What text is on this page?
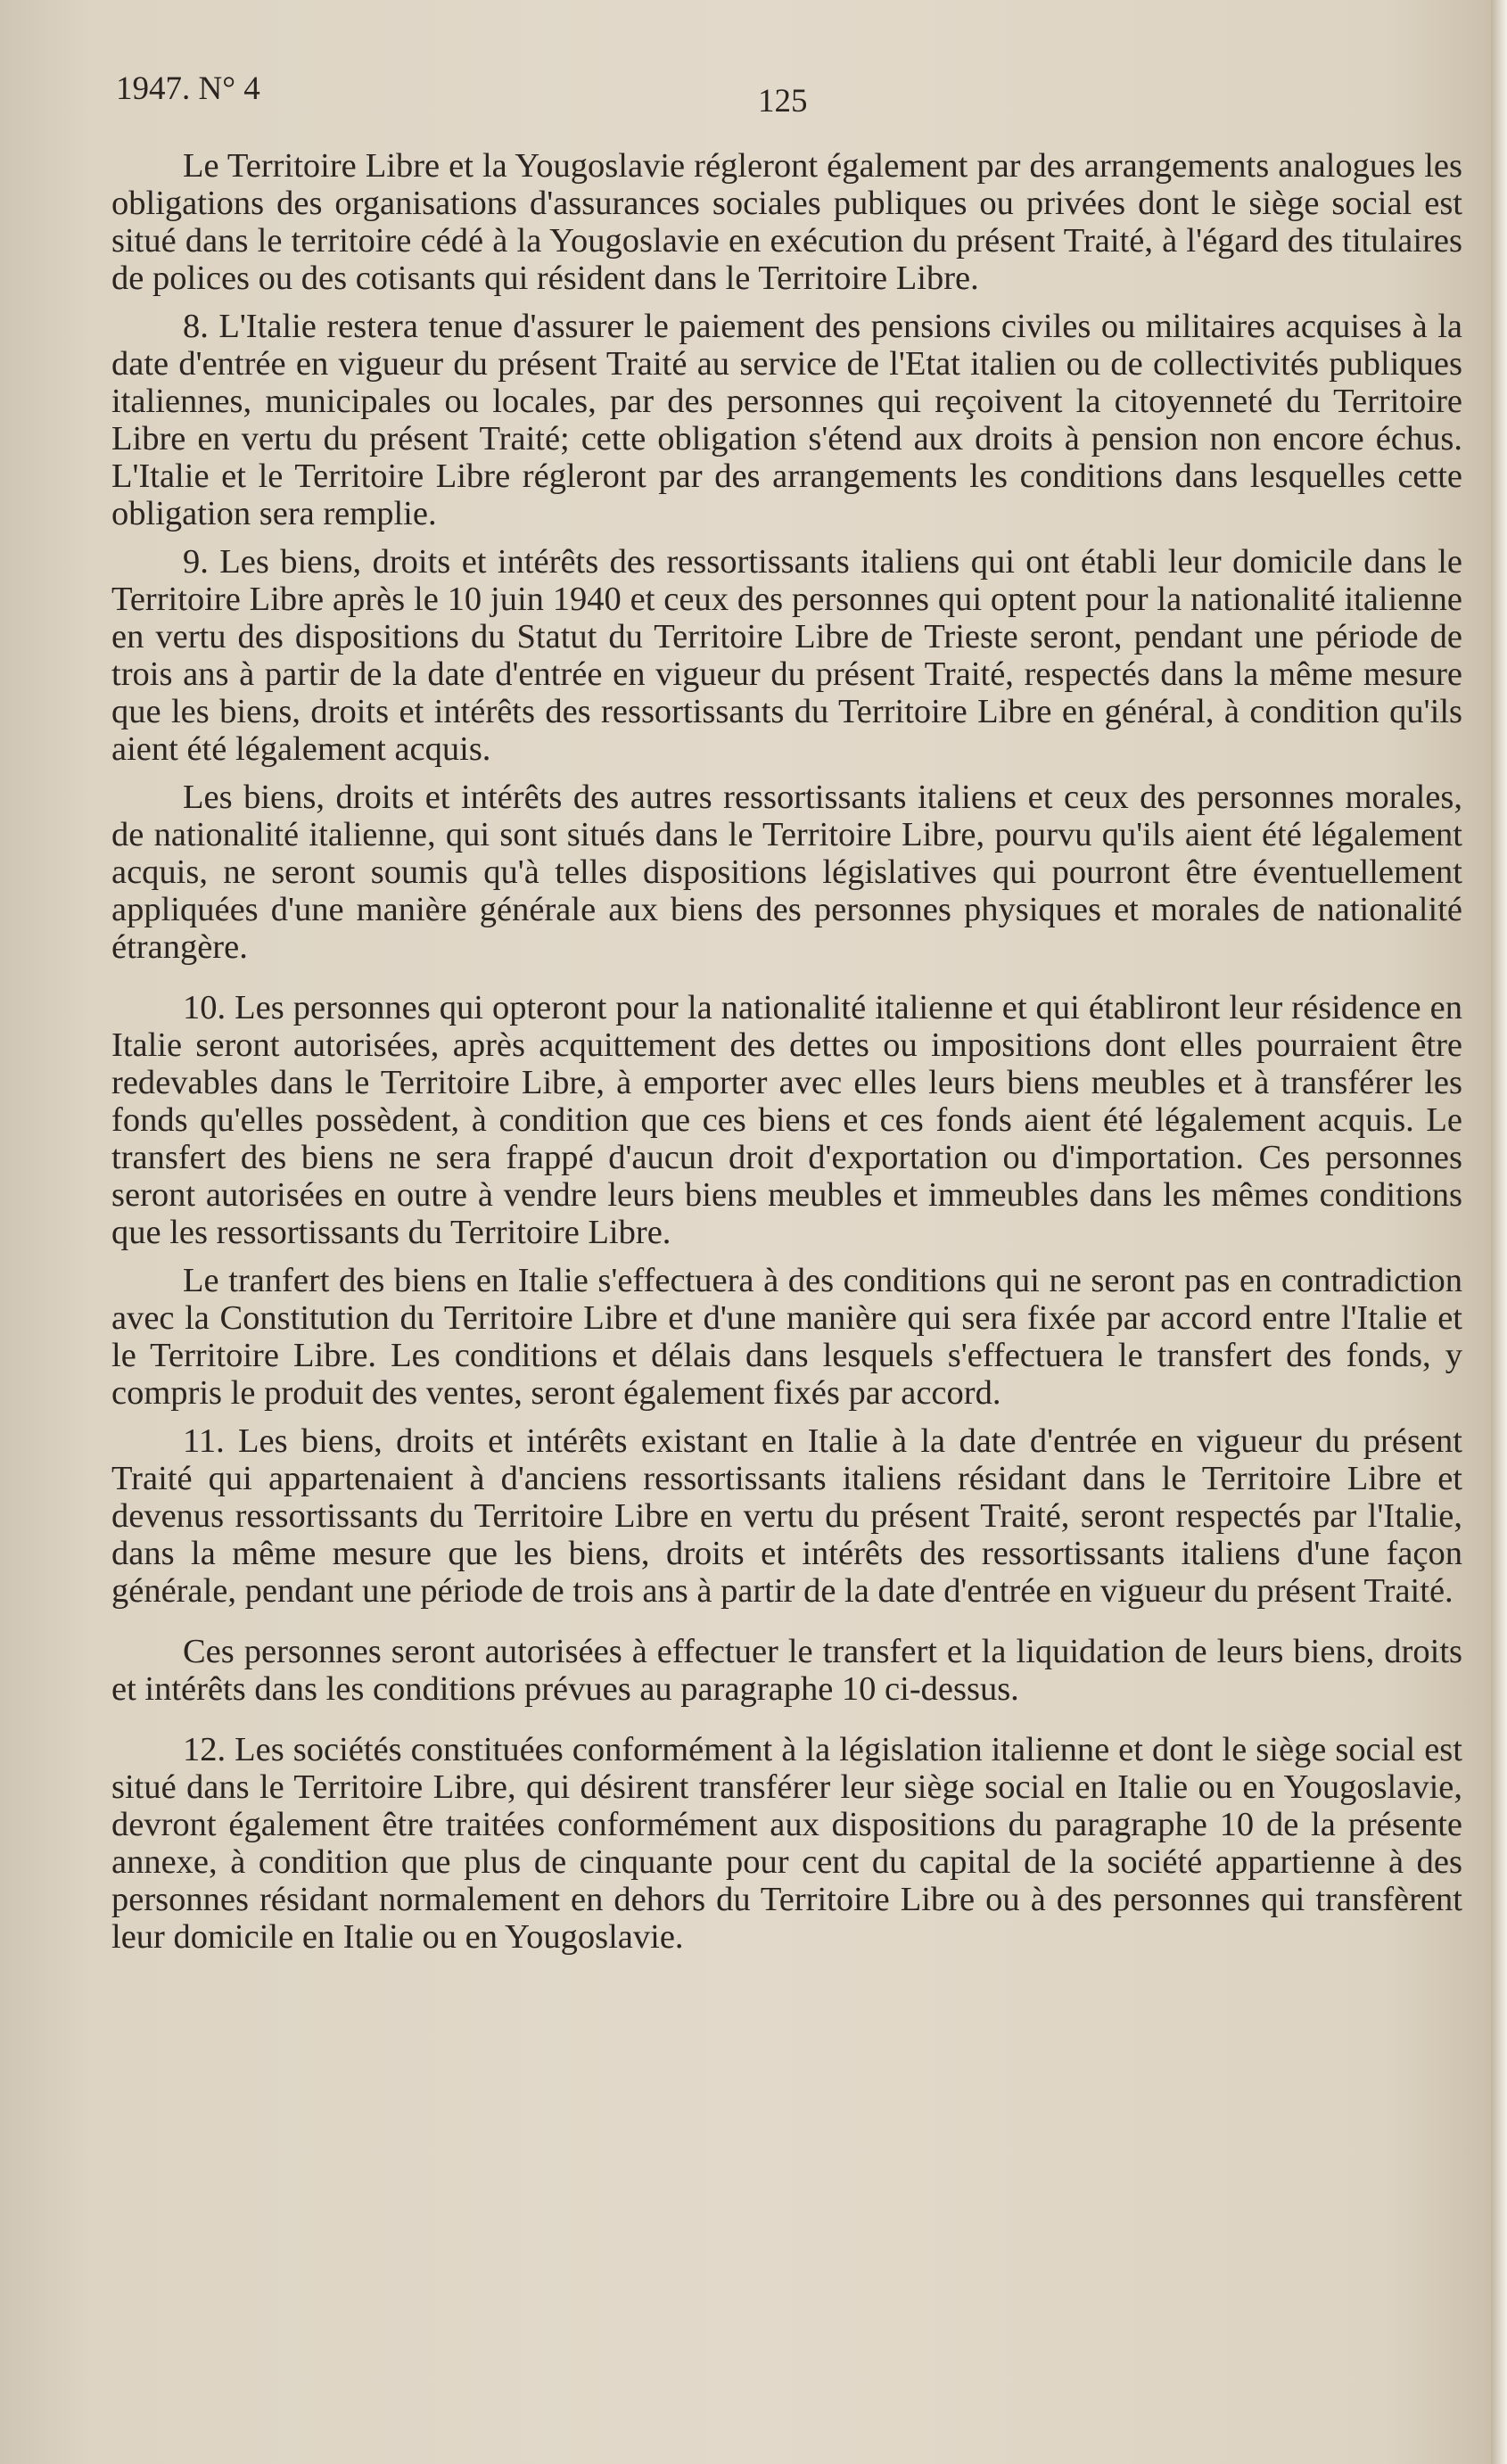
1947. N° 4	125

Le Territoire Libre et la Yougoslavie régleront également par des arrangements analogues les obligations des organisations d'assurances sociales publiques ou privées dont le siège social est situé dans le territoire cédé à la Yougoslavie en exécution du présent Traité, à l'égard des titulaires de polices ou des cotisants qui résident dans le Territoire Libre.

8. L'Italie restera tenue d'assurer le paiement des pensions civiles ou militaires acquises à la date d'entrée en vigueur du présent Traité au service de l'Etat italien ou de collectivités publiques italiennes, municipales ou locales, par des personnes qui reçoivent la citoyenneté du Territoire Libre en vertu du présent Traité; cette obligation s'étend aux droits à pension non encore échus. L'Italie et le Territoire Libre régleront par des arrangements les conditions dans lesquelles cette obligation sera remplie.

9. Les biens, droits et intérêts des ressortissants italiens qui ont établi leur domicile dans le Territoire Libre après le 10 juin 1940 et ceux des personnes qui optent pour la nationalité italienne en vertu des dispositions du Statut du Territoire Libre de Trieste seront, pendant une période de trois ans à partir de la date d'entrée en vigueur du présent Traité, respectés dans la même mesure que les biens, droits et intérêts des ressortissants du Territoire Libre en général, à condition qu'ils aient été légalement acquis.

Les biens, droits et intérêts des autres ressortissants italiens et ceux des personnes morales, de nationalité italienne, qui sont situés dans le Territoire Libre, pourvu qu'ils aient été légalement acquis, ne seront soumis qu'à telles dispositions législatives qui pourront être éventuellement appliquées d'une manière générale aux biens des personnes physiques et morales de nationalité étrangère.

10. Les personnes qui opteront pour la nationalité italienne et qui établiront leur résidence en Italie seront autorisées, après acquittement des dettes ou impositions dont elles pourraient être redevables dans le Territoire Libre, à emporter avec elles leurs biens meubles et à transférer les fonds qu'elles possèdent, à condition que ces biens et ces fonds aient été légalement acquis. Le transfert des biens ne sera frappé d'aucun droit d'exportation ou d'importation. Ces personnes seront autorisées en outre à vendre leurs biens meubles et immeubles dans les mêmes conditions que les ressortissants du Territoire Libre.

Le tranfert des biens en Italie s'effectuera à des conditions qui ne seront pas en contradiction avec la Constitution du Territoire Libre et d'une manière qui sera fixée par accord entre l'Italie et le Territoire Libre. Les conditions et délais dans lesquels s'effectuera le transfert des fonds, y compris le produit des ventes, seront également fixés par accord.

11. Les biens, droits et intérêts existant en Italie à la date d'entrée en vigueur du présent Traité qui appartenaient à d'anciens ressortissants italiens résidant dans le Territoire Libre et devenus ressortissants du Territoire Libre en vertu du présent Traité, seront respectés par l'Italie, dans la même mesure que les biens, droits et intérêts des ressortissants italiens d'une façon générale, pendant une période de trois ans à partir de la date d'entrée en vigueur du présent Traité.

Ces personnes seront autorisées à effectuer le transfert et la liquidation de leurs biens, droits et intérêts dans les conditions prévues au paragraphe 10 ci-dessus.

12. Les sociétés constituées conformément à la législation italienne et dont le siège social est situé dans le Territoire Libre, qui désirent transférer leur siège social en Italie ou en Yougoslavie, devront également être traitées conformément aux dispositions du paragraphe 10 de la présente annexe, à condition que plus de cinquante pour cent du capital de la société appartienne à des personnes résidant normalement en dehors du Territoire Libre ou à des personnes qui transfèrent leur domicile en Italie ou en Yougoslavie.
